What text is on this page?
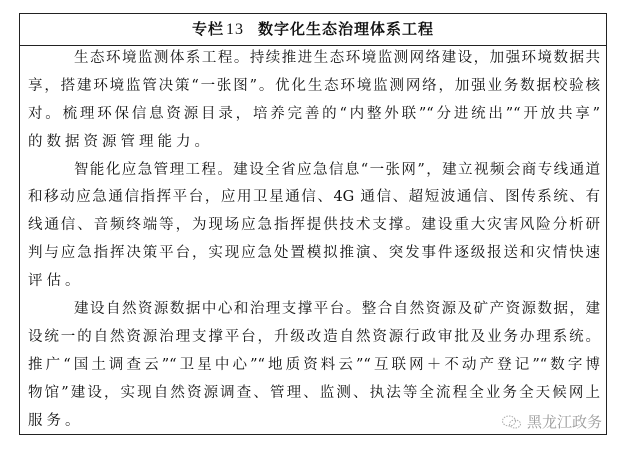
专栏 13 数字化生态治理体系工程
生态环境监测体系工程。持续推进生态环境监测网络建设，加强环境数据共
享，搭建环境监管决策“一张图”。优化生态环境监测网络，加强业务数据校验核
对。梳理环保信息资源目录，培养完善的“内整外联”“分进统出”“开放共享”
的数据资源管理能力。
智能化应急管理工程。建设全省应急信息“一张网”，建立视频会商专线通道
和移动应急通信指挥平台，应用卫星通信、4G 通信、超短波通信、图传系统、有
线通信、音频终端等，为现场应急指挥提供技术支撑。建设重大灾害风险分析研
判与应急指挥决策平台，实现应急处置模拟推演、突发事件逐级报送和灾情快速
评估。
建设自然资源数据中心和治理支撑平台。整合自然资源及矿产资源数据，建
设统一的自然资源治理支撑平台，升级改造自然资源行政审批及业务办理系统。
推广“国土调查云”“卫星中心”“地质资料云”“互联网＋不动产登记”“数字博
物馆”建设，实现自然资源调查、管理、监测、执法等全流程全业务全天候网上
服务。	黑龙江政务
